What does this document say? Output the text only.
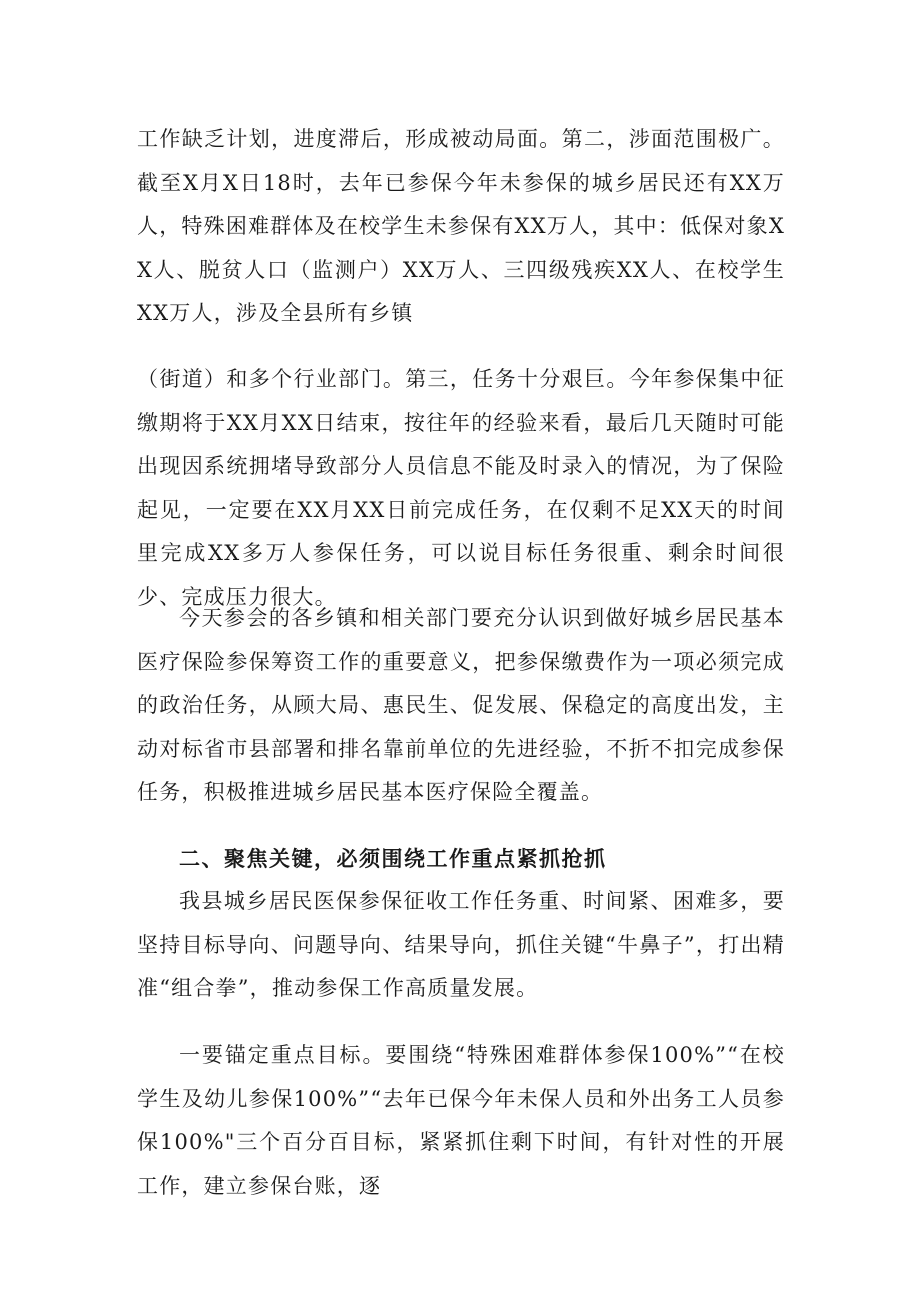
工作缺乏计划，进度滞后，形成被动局面。第二，涉面范围极广。截至X月X日18时，去年已参保今年未参保的城乡居民还有XX万人，特殊困难群体及在校学生未参保有XX万人，其中：低保对象XX人、脱贫人口（监测户）XX万人、三四级残疾XX人、在校学生XX万人，涉及全县所有乡镇

（街道）和多个行业部门。第三，任务十分艰巨。今年参保集中征缴期将于XX月XX日结束，按往年的经验来看，最后几天随时可能出现因系统拥堵导致部分人员信息不能及时录入的情况，为了保险起见，一定要在XX月XX日前完成任务，在仅剩不足XX天的时间里完成XX多万人参保任务，可以说目标任务很重、剩余时间很少、完成压力很大。

今天参会的各乡镇和相关部门要充分认识到做好城乡居民基本医疗保险参保筹资工作的重要意义，把参保缴费作为一项必须完成的政治任务，从顾大局、惠民生、促发展、保稳定的高度出发，主动对标省市县部署和排名靠前单位的先进经验，不折不扣完成参保任务，积极推进城乡居民基本医疗保险全覆盖。

二、聚焦关键，必须围绕工作重点紧抓抢抓

我县城乡居民医保参保征收工作任务重、时间紧、困难多，要坚持目标导向、问题导向、结果导向，抓住关键“牛鼻子”，打出精准“组合拳”，推动参保工作高质量发展。

一要锚定重点目标。要围绕“特殊困难群体参保100%”“在校学生及幼儿参保100%”“去年已保今年未保人员和外出务工人员参保100%"三个百分百目标，紧紧抓住剩下时间，有针对性的开展工作，建立参保台账，逐
